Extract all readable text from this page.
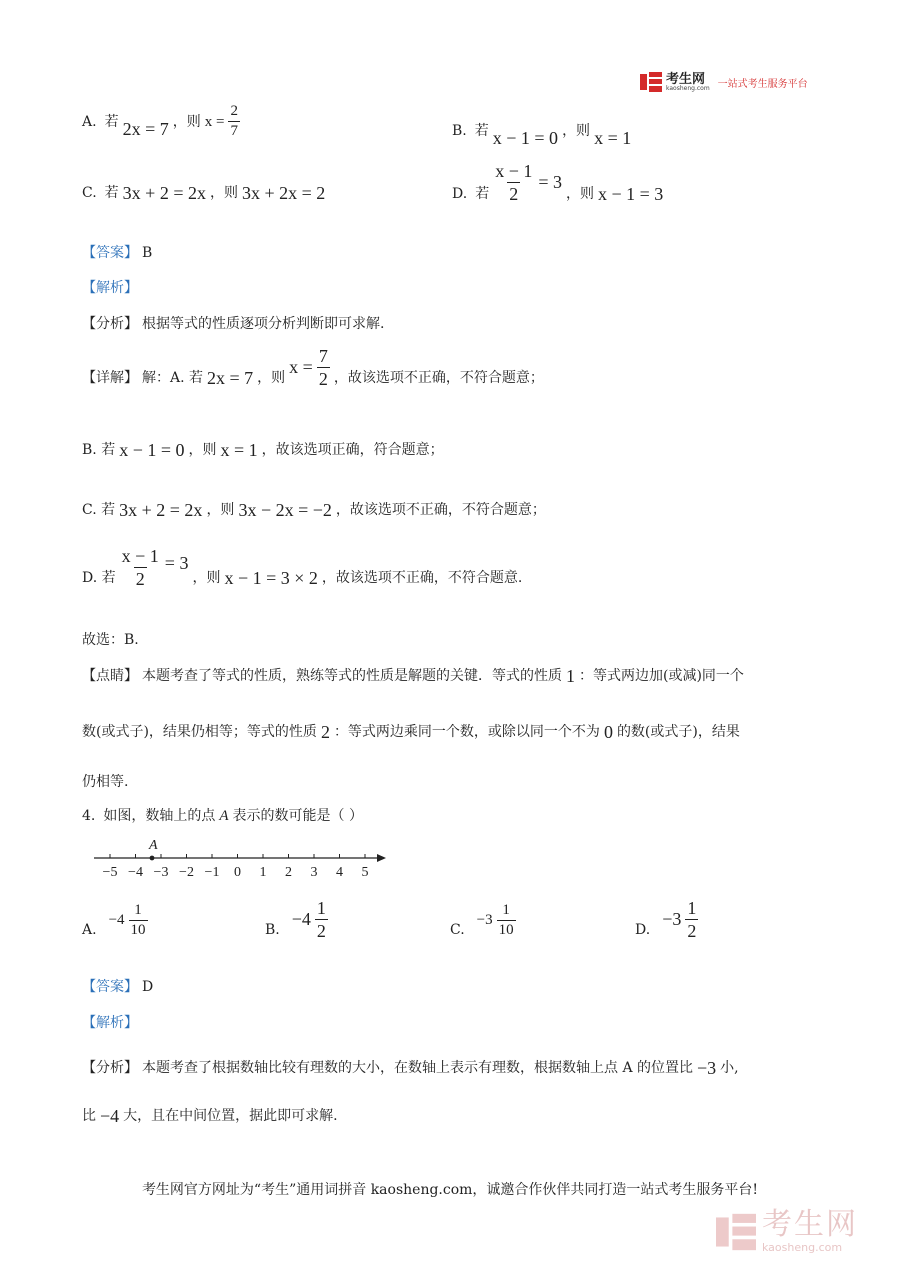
考生网
kaosheng.com 一站式考生服务平台
A. 若 2x = 7 ，则 $x = \frac{2}{7}$	B. 若 x − 1 = 0 ，则 x = 1
C. 若 3x + 2 = 2x ，则 3x + 2x = 2	D. 若 $\frac{x - 1}{2} = 3$
，则 x − 1 = 3
【答案】 B
【解析】
【分析】 根据等式的性质逐项分析判断即可求解.
【详解】 解：A. 若 2x = 7 ，则
$x = \frac{7}{2}$ ，故该选项不正确，不符合题意；
B. 若 x − 1 = 0 ，则 x = 1 ，故该选项正确，符合题意；
C. 若 3x + 2 = 2x ，则 3x − 2x = −2 ，故该选项不正确，不符合题意；
D. 若 $\frac{x - 1}{2} = 3$
，则 x − 1 = 3 × 2 ，故该选项不正确，不符合题意.
故选：B.
【点睛】 本题考查了等式的性质，熟练等式的性质是解题的关键．等式的性质 1 ：等式两边加(或减)同一个
数(或式子)，结果仍相等；等式的性质 2 ：等式两边乘同一个数，或除以同一个不为 0 的数(或式子)，结果
仍相等.
4. 如图，数轴上的点 A 表示的数可能是（ ）
−5 −4 −3 −2 −1 0 1 2 3 4 5
A
A.
$-4 \frac{1}{10}$	B.
$-4 \frac{1}{2}$	C.
$-3 \frac{1}{10}$	D.
$-3 \frac{1}{2}$
【答案】 D
【解析】
【分析】 本题考查了根据数轴比较有理数的大小，在数轴上表示有理数，根据数轴上点 A 的位置比 −3 小,
比 −4 大，且在中间位置，据此即可求解.
考生网官方网址为“考生”通用词拼音 kaosheng.com，诚邀合作伙伴共同打造一站式考生服务平台!
考生网
kaosheng.com
